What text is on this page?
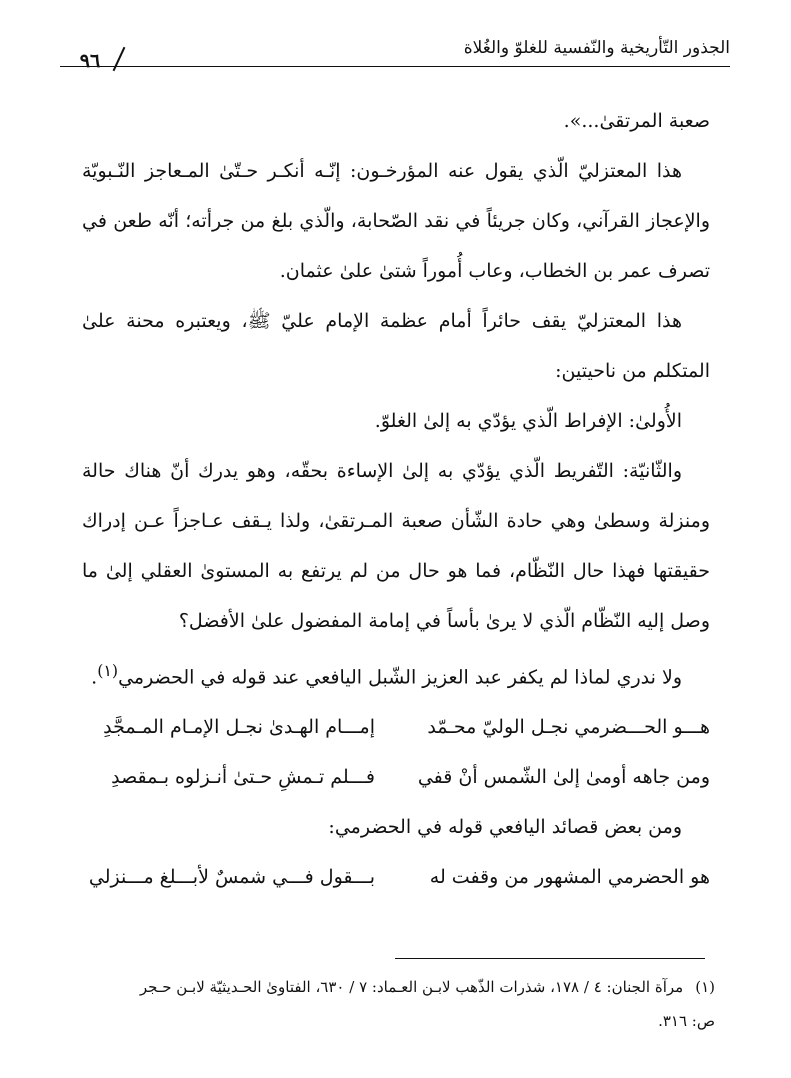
الجذور التّأريخية والنّفسية للغلوّ والغُلاة
٩٦

صعبة المرتقىٰ...».

هذا المعتزليّ الّذي يقول عنه المؤرخـون: إنّـه أنكـر حـتّىٰ المـعاجز النّـبويّة والإعجاز القرآني، وكان جريئاً في نقد الصّحابة، والّذي بلغ من جرأته؛ أنّه طعن في تصرف عمر بن الخطاب، وعاب أُموراً شتىٰ علىٰ عثمان.

هذا المعتزليّ يقف حائراً أمام عظمة الإمام عليّ ﷺ، ويعتبره محنة علىٰ المتكلم من ناحيتين:

الأُولىٰ: الإفراط الّذي يؤدّي به إلىٰ الغلوّ.

والثّانيّة: التّفريط الّذي يؤدّي به إلىٰ الإساءة بحقّه، وهو يدرك أنّ هناك حالة ومنزلة وسطىٰ وهي حادة الشّأن صعبة المـرتقىٰ، ولذا يـقف عـاجزاً عـن إدراك حقيقتها فهذا حال النّظّام، فما هو حال من لم يرتفع به المستوىٰ العقلي إلىٰ ما وصل إليه النّظّام الّذي لا يرىٰ بأساً في إمامة المفضول علىٰ الأفضل؟

ولا ندري لماذا لم يكفر عبد العزيز الشّبل اليافعي عند قوله في الحضرمي$^{(١)}$.

هـــو الحـــضرمي نجـل الوليّ محـمّد
إمـــام الهـدىٰ نجـل الإمـام المـمجَّدِ
ومن جاهه أومىٰ إلىٰ الشّمس أنْ قفي
فـــلم تـمشِ حـتىٰ أنـزلوه بـمقصدِ

ومن بعض قصائد اليافعي قوله في الحضرمي:

هو الحضرمي المشهور من وقفت له
بـــقول فـــي شمسٌ لأبـــلغ مـــنزلي
(١)مرآة الجنان: ٤ / ١٧٨، شذرات الذّهب لابـن العـماد: ٧ / ٦٣٠، الفتاوىٰ الحـديثيّة لابـن حـجر
ص: ٣١٦.
